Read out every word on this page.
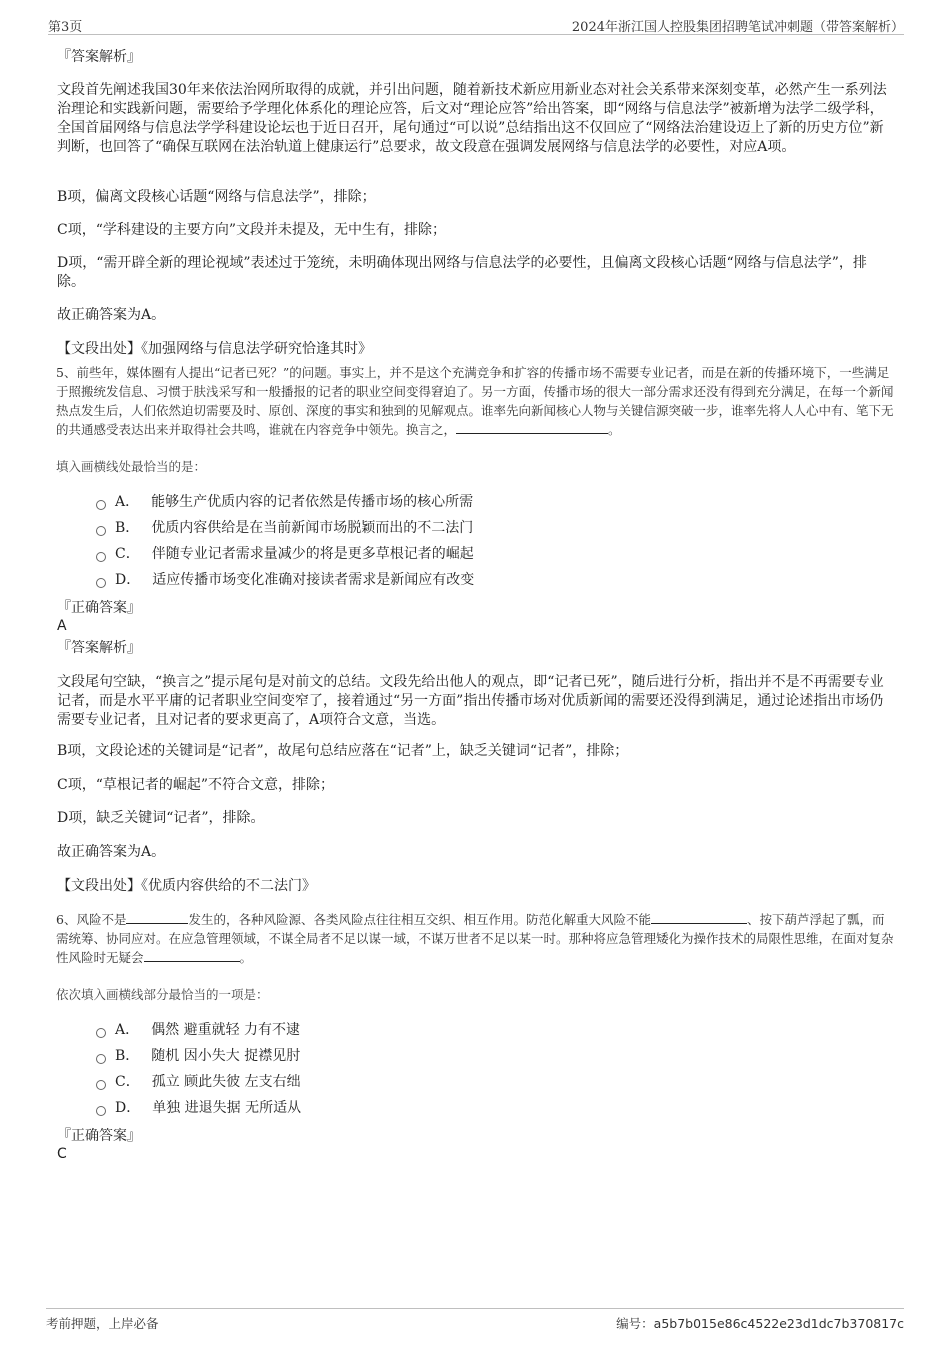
第3页	2024年浙江国人控股集团招聘笔试冲刺题（带答案解析）
『答案解析』
文段首先阐述我国30年来依法治网所取得的成就，并引出问题，随着新技术新应用新业态对社会关系带来深刻变革，必然产生一系列法治理论和实践新问题，需要给予学理化体系化的理论应答，后文对“理论应答”给出答案，即“网络与信息法学”被新增为法学二级学科，全国首届网络与信息法学学科建设论坛也于近日召开，尾句通过“可以说”总结指出这不仅回应了“网络法治建设迈上了新的历史方位”新判断，也回答了“确保互联网在法治轨道上健康运行”总要求，故文段意在强调发展网络与信息法学的必要性，对应A项。
B项，偏离文段核心话题“网络与信息法学”，排除；
C项，“学科建设的主要方向”文段并未提及，无中生有，排除；
D项，“需开辟全新的理论视域”表述过于笼统，未明确体现出网络与信息法学的必要性，且偏离文段核心话题“网络与信息法学”，排除。
故正确答案为A。
【文段出处】《加强网络与信息法学研究恰逢其时》
5、前些年，媒体圈有人提出“记者已死？”的问题。事实上，并不是这个充满竞争和扩容的传播市场不需要专业记者，而是在新的传播环境下，一些满足于照搬统发信息、习惯于肤浅采写和一般播报的记者的职业空间变得窘迫了。另一方面，传播市场的很大一部分需求还没有得到充分满足，在每一个新闻热点发生后，人们依然迫切需要及时、原创、深度的事实和独到的见解观点。谁率先向新闻核心人物与关键信源突破一步，谁率先将人人心中有、笔下无的共通感受表达出来并取得社会共鸣，谁就在内容竞争中领先。换言之，	。
填入画横线处最恰当的是：
A． 能够生产优质内容的记者依然是传播市场的核心所需
B． 优质内容供给是在当前新闻市场脱颖而出的不二法门
C． 伴随专业记者需求量减少的将是更多草根记者的崛起
D． 适应传播市场变化准确对接读者需求是新闻应有改变
『正确答案』
A
『答案解析』
文段尾句空缺，“换言之”提示尾句是对前文的总结。文段先给出他人的观点，即“记者已死”，随后进行分析，指出并不是不再需要专业记者，而是水平平庸的记者职业空间变窄了，接着通过“另一方面”指出传播市场对优质新闻的需要还没得到满足，通过论述指出市场仍需要专业记者，且对记者的要求更高了，A项符合文意，当选。
B项，文段论述的关键词是“记者”，故尾句总结应落在“记者”上，缺乏关键词“记者”，排除；
C项，“草根记者的崛起”不符合文意，排除；
D项，缺乏关键词“记者”，排除。
故正确答案为A。
【文段出处】《优质内容供给的不二法门》
6、风险不是	发生的，各种风险源、各类风险点往往相互交织、相互作用。防范化解重大风险不能	、按下葫芦浮起了瓢，而需统筹、协同应对。在应急管理领域，不谋全局者不足以谋一域，不谋万世者不足以某一时。那种将应急管理矮化为操作技术的局限性思维，在面对复杂性风险时无疑会	。
依次填入画横线部分最恰当的一项是：
A． 偶然 避重就轻 力有不逮
B． 随机 因小失大 捉襟见肘
C． 孤立 顾此失彼 左支右绌
D． 单独 进退失据 无所适从
『正确答案』
C
考前押题，上岸必备	编号：a5b7b015e86c4522e23d1dc7b370817c
